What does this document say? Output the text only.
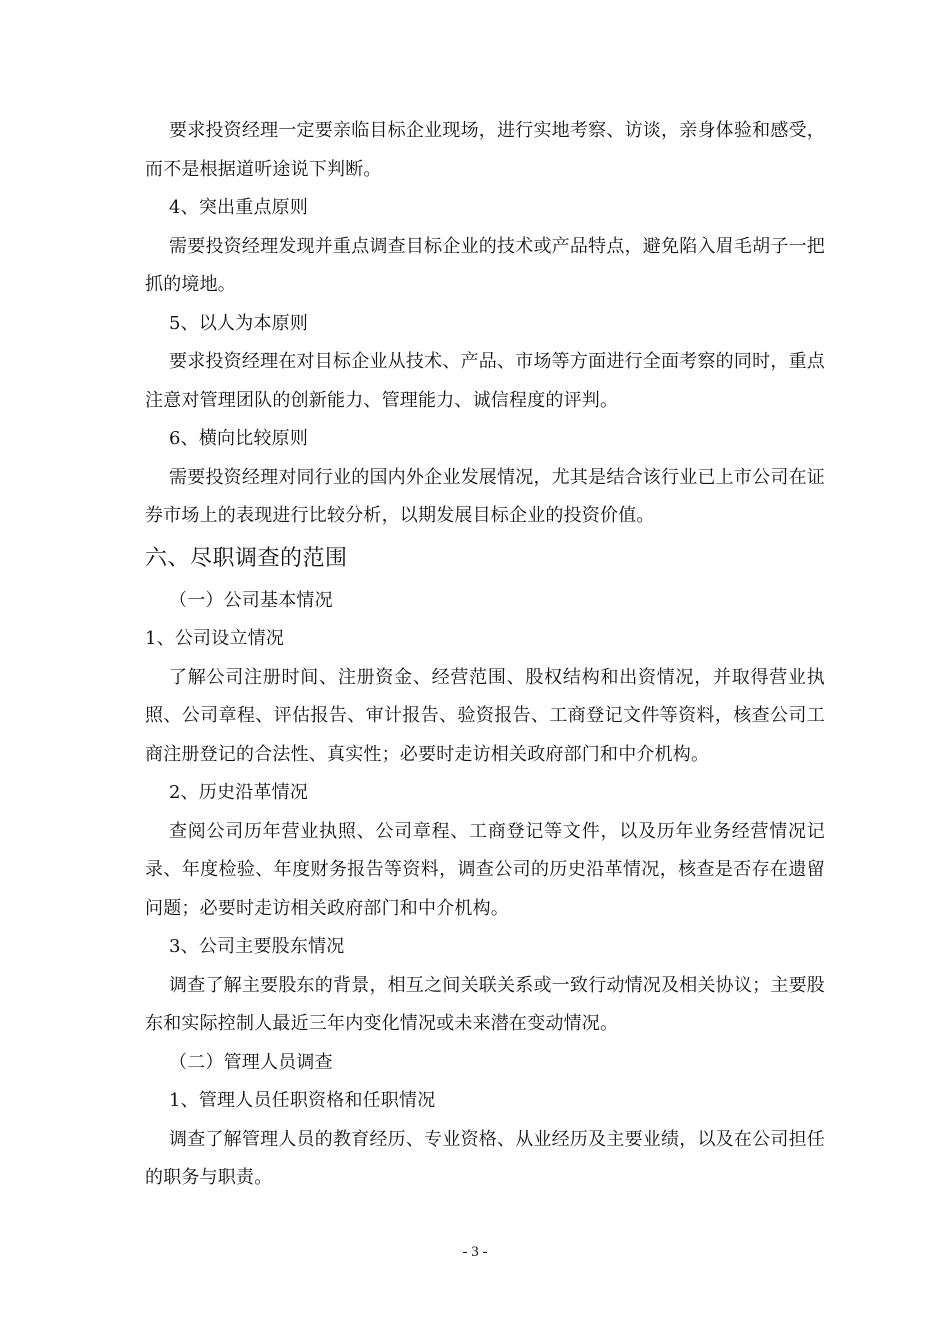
要求投资经理一定要亲临目标企业现场，进行实地考察、访谈，亲身体验和感受，而不是根据道听途说下判断。

4、突出重点原则

需要投资经理发现并重点调查目标企业的技术或产品特点，避免陷入眉毛胡子一把抓的境地。

5、以人为本原则

要求投资经理在对目标企业从技术、产品、市场等方面进行全面考察的同时，重点注意对管理团队的创新能力、管理能力、诚信程度的评判。

6、横向比较原则

需要投资经理对同行业的国内外企业发展情况，尤其是结合该行业已上市公司在证券市场上的表现进行比较分析，以期发展目标企业的投资价值。

六、尽职调查的范围

（一）公司基本情况

1、公司设立情况

了解公司注册时间、注册资金、经营范围、股权结构和出资情况，并取得营业执照、公司章程、评估报告、审计报告、验资报告、工商登记文件等资料，核查公司工商注册登记的合法性、真实性；必要时走访相关政府部门和中介机构。

2、历史沿革情况

查阅公司历年营业执照、公司章程、工商登记等文件，以及历年业务经营情况记录、年度检验、年度财务报告等资料，调查公司的历史沿革情况，核查是否存在遗留问题；必要时走访相关政府部门和中介机构。

3、公司主要股东情况

调查了解主要股东的背景，相互之间关联关系或一致行动情况及相关协议；主要股东和实际控制人最近三年内变化情况或未来潜在变动情况。

（二）管理人员调查

1、管理人员任职资格和任职情况

调查了解管理人员的教育经历、专业资格、从业经历及主要业绩，以及在公司担任的职务与职责。

- 3 -
